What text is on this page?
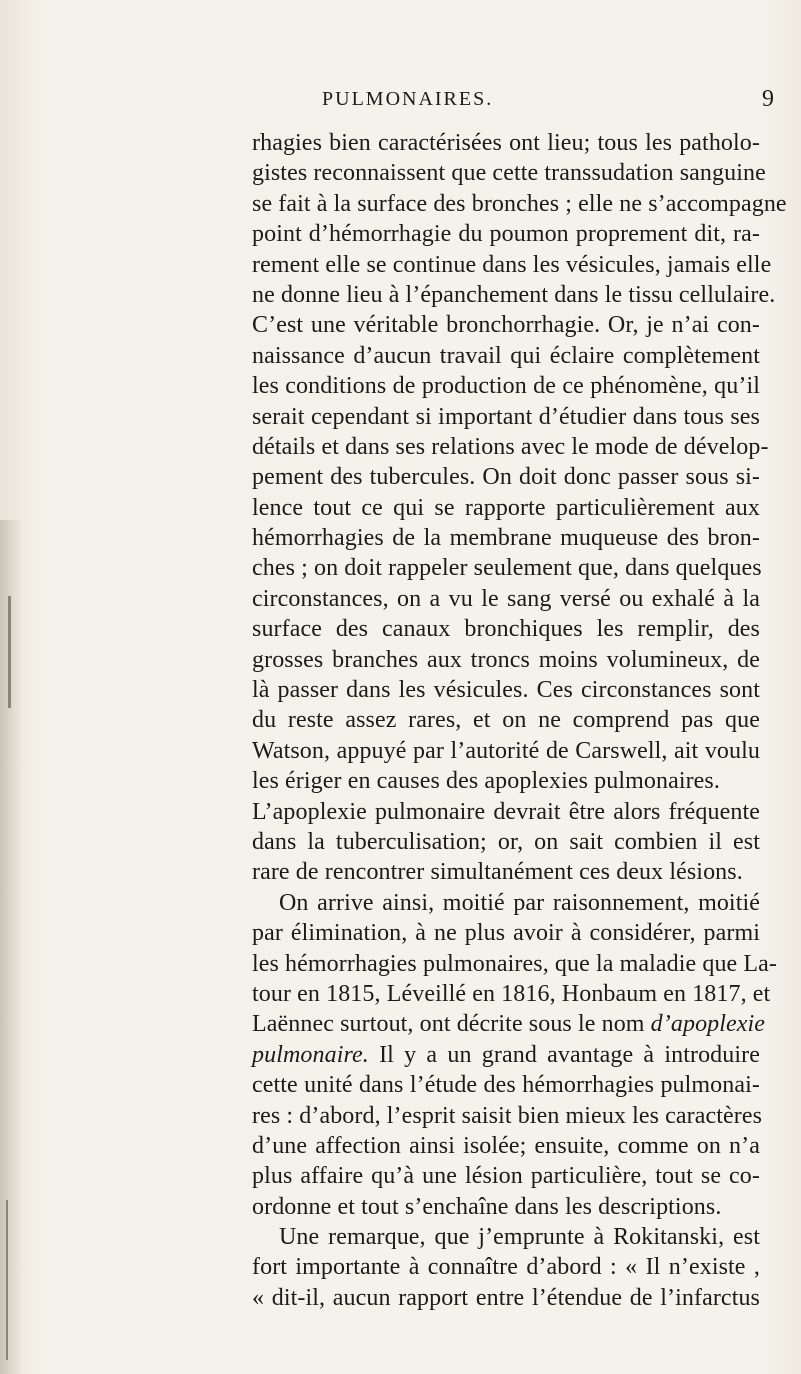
PULMONAIRES.	9
rhagies bien caractérisées ont lieu; tous les patholo-
gistes reconnaissent que cette transsudation sanguine
se fait à la surface des bronches ; elle ne s’accompagne
point d’hémorrhagie du poumon proprement dit, ra-
rement elle se continue dans les vésicules, jamais elle
ne donne lieu à l’épanchement dans le tissu cellulaire.
C’est une véritable bronchorrhagie. Or, je n’ai con-
naissance d’aucun travail qui éclaire complètement
les conditions de production de ce phénomène, qu’il
serait cependant si important d’étudier dans tous ses
détails et dans ses relations avec le mode de dévelop-
pement des tubercules. On doit donc passer sous si-
lence tout ce qui se rapporte particulièrement aux
hémorrhagies de la membrane muqueuse des bron-
ches ; on doit rappeler seulement que, dans quelques
circonstances, on a vu le sang versé ou exhalé à la
surface des canaux bronchiques les remplir, des
grosses branches aux troncs moins volumineux, de
là passer dans les vésicules. Ces circonstances sont
du reste assez rares, et on ne comprend pas que
Watson, appuyé par l’autorité de Carswell, ait voulu
les ériger en causes des apoplexies pulmonaires.
L’apoplexie pulmonaire devrait être alors fréquente
dans la tuberculisation; or, on sait combien il est
rare de rencontrer simultanément ces deux lésions.
On arrive ainsi, moitié par raisonnement, moitié
par élimination, à ne plus avoir à considérer, parmi
les hémorrhagies pulmonaires, que la maladie que La-
tour en 1815, Léveillé en 1816, Honbaum en 1817, et
Laënnec surtout, ont décrite sous le nom d’apoplexie
pulmonaire. Il y a un grand avantage à introduire
cette unité dans l’étude des hémorrhagies pulmonai-
res : d’abord, l’esprit saisit bien mieux les caractères
d’une affection ainsi isolée; ensuite, comme on n’a
plus affaire qu’à une lésion particulière, tout se co-
ordonne et tout s’enchaîne dans les descriptions.
Une remarque, que j’emprunte à Rokitanski, est
fort importante à connaître d’abord : « Il n’existe ,
« dit-il, aucun rapport entre l’étendue de l’infarctus
